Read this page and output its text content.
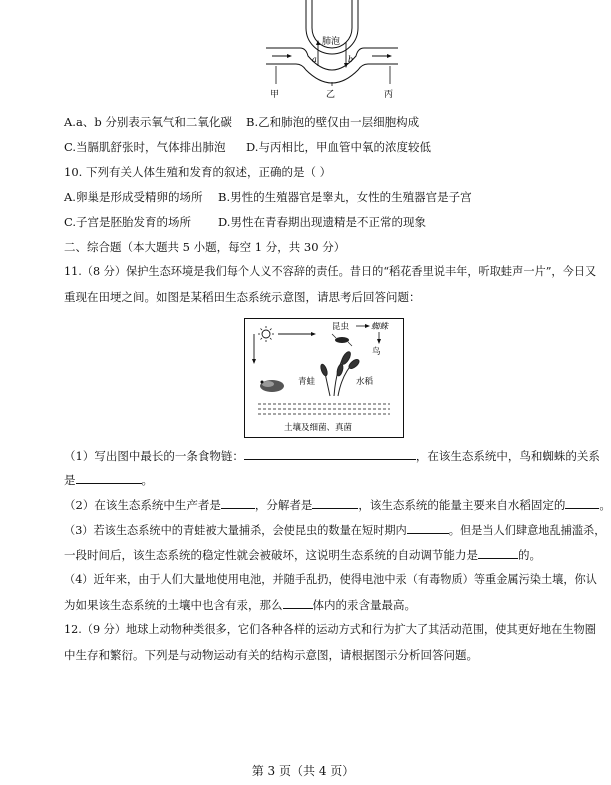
肺泡
a	b
甲	乙	丙
A.a、b 分别表示氧气和二氧化碳 B.乙和肺泡的壁仅由一层细胞构成
C.当膈肌舒张时，气体排出肺泡 D.与丙相比，甲血管中氧的浓度较低
10. 下列有关人体生殖和发育的叙述，正确的是（ ）
A.卵巢是形成受精卵的场所 B.男性的生殖器官是睾丸，女性的生殖器官是子宫
C.子宫是胚胎发育的场所 D.男性在青春期出现遗精是不正常的现象
二、综合题（本大题共 5 小题，每空 1 分，共 30 分）
11.（8 分）保护生态环境是我们每个人义不容辞的责任。昔日的“稻花香里说丰年，听取蛙声一片”，今日又
重现在田埂之间。如图是某稻田生态系统示意图，请思考后回答问题：
昆虫	蜘蛛
鸟
水稻
青蛙
土壤及细菌、真菌
（1）写出图中最长的一条食物链：	，在该生态系统中，鸟和蜘蛛的关系
是	。
（2）在该生态系统中生产者是	，分解者是	，该生态系统的能量主要来自水稻固定的	。
（3）若该生态系统中的青蛙被大量捕杀，会使昆虫的数量在短时期内	。但是当人们肆意地乱捕滥杀，
一段时间后，该生态系统的稳定性就会被破坏，这说明生态系统的自动调节能力是	的。
（4）近年来，由于人们大量地使用电池，并随手乱扔，使得电池中汞（有毒物质）等重金属污染土壤，你认
为如果该生态系统的土壤中也含有汞，那么	体内的汞含量最高。
12.（9 分）地球上动物种类很多，它们各种各样的运动方式和行为扩大了其活动范围，使其更好地在生物圈
中生存和繁衍。下列是与动物运动有关的结构示意图，请根据图示分析回答问题。
第 3 页（共 4 页）
